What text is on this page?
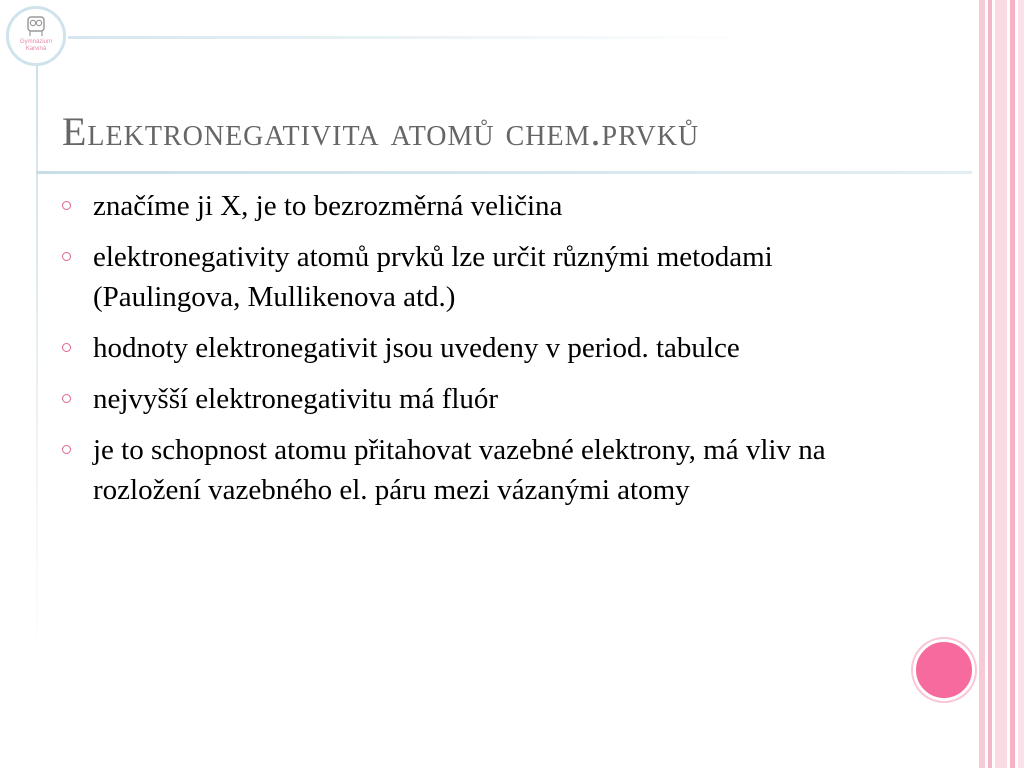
Gymnázium
Karviná
Elektronegativita atomů chem.prvků
značíme ji X, je to bezrozměrná veličina
elektronegativity atomů prvků lze určit různými metodami (Paulingova, Mullikenova atd.)
hodnoty elektronegativit jsou uvedeny v period. tabulce
nejvyšší elektronegativitu má fluór
je to schopnost atomu přitahovat vazebné elektrony, má vliv na rozložení vazebného el. páru mezi vázanými atomy
